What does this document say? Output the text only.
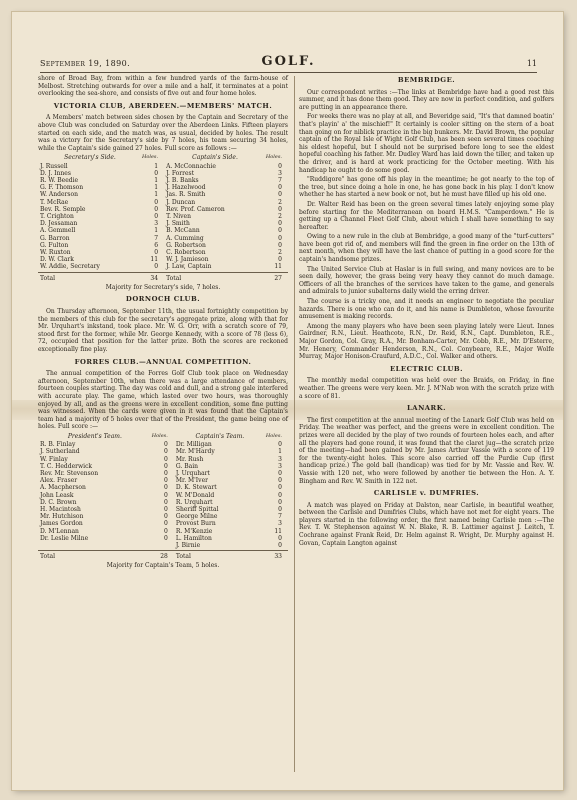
September 19, 1890.	GOLF.	11

shore of Broad Bay, from within a few hundred yards of the farm-house of Melbost. Stretching outwards for over a mile and a half, it terminates at a point overlooking the sea-shore, and consists of five out and four home holes.

VICTORIA CLUB, ABERDEEN.—MEMBERS' MATCH.

A Members' match between sides chosen by the Captain and Secretary of the above Club was concluded on Saturday over the Aberdeen Links. Fifteen players started on each side, and the match was, as usual, decided by holes. The result was a victory for the Secretary's side by 7 holes, his team securing 34 holes, while the Captain's side gained 27 holes. Full score as follows :—

Secretary's Side.	Holes.	Captain's Side.	Holes.
J. Russell	1	A. McConnachie	0
D. J. Innes	0	J. Forrest	3
R. W. Beedie	1	J. B. Banks	7
G. F. Thomson	1	J. Hazelwood	0
W. Anderson	1	Jas. R. Smith	0
T. McRae	0	J. Duncan	2
Bev. R. Semple	0	Rev. Prof. Cameron	0
T. Crighton	0	T. Niven	2
D. Jessaman	3	J. Smith	0
A. Gemmell	1	B. McCann	0
G. Barron	7	A. Cumming	0
G. Fulton	6	G. Robertson	0
W. Ruxton	0	C. Robertson	2
D. W. Clark	11	W. J. Jamieson	0
W. Addie, Secretary	0	J. Law, Captain	11

Total	34	Total	27

Majority for Secretary's side, 7 holes.

DORNOCH CLUB.

On Thursday afternoon, September 11th, the usual fortnightly competition by the members of this club for the secretary's aggregate prize, along with that for Mr. Urquhart's inkstand, took place. Mr. W. G. Orr, with a scratch score of 79, stood first for the former, while Mr. George Kennedy, with a score of 78 (less 6), 72, occupied that position for the latter prize. Both the scores are reckoned exceptionally fine play.

FORRES CLUB.—ANNUAL COMPETITION.

The annual competition of the Forres Golf Club took place on Wednesday afternoon, September 10th, when there was a large attendance of members, fourteen couples starting. The day was cold and dull, and a strong gale interfered with accurate play. The game, which lasted over two hours, was thoroughly enjoyed by all, and as the greens were in excellent condition, some fine putting was witnessed. When the cards were given in it was found that the Captain's team had a majority of 5 holes over that of the President, the game being one of holes. Full score :—

President's Team.	Holes.	Captain's Team.	Holes.
R. B. Finlay	0	Dr. Milligan	0
J. Sutherland	0	Mr. M'Hardy	1
W. Finlay	0	Mr. Rush	3
T. C. Hedderwick	0	G. Bain	3
Rev. Mr. Stevenson	0	J. Urquhart	0
Alex. Fraser	0	Mr. M'Iver	0
A. Macpherson	0	D. K. Stewart	0
John Leask	0	W. M'Donald	0
D. C. Brown	0	R. Urquhart	0
H. Macintosh	0	Sheriff Spittal	0
Mr. Hutchison	0	George Milne	7
James Gordon	0	Provost Burn	3
D. M'Lennan	0	R. M'Kenzie	11
Dr. Leslie Milne	0	L. Hamilton	0
		J. Birnie	0

Total	28	Total	33

Majority for Captain's Team, 5 holes.

BEMBRIDGE.

Our correspondent writes :—The links at Bembridge have had a good rest this summer, and it has done them good. They are now in perfect condition, and golfers are putting in an appearance there.

For weeks there was no play at all, and Beveridge said, "It's that damned boatin' that's playin' a' the mischief!" It certainly is cooler sitting on the stern of a boat than going on for niblick practice in the big bunkers. Mr. David Brown, the popular captain of the Royal Isle of Wight Golf Club, has been seen several times coaching his eldest hopeful, but I should not be surprised before long to see the eldest hopeful coaching his father. Mr. Dudley Ward has laid down the tiller, and taken up the driver, and is hard at work practicing for the October meeting. With his handicap he ought to do some good.

"Ruddigore" has gone off his play in the meantime; he got nearly to the top of the tree, but since doing a hole in one, he has gone back in his play. I don't know whether he has started a new book or not, but he must have filled up his old one.

Dr. Walter Reid has been on the green several times lately enjoying some play before starting for the Mediterranean on board H.M.S. "Camperdown." He is getting up a Channel Fleet Golf Club, about which I shall have something to say hereafter.

Owing to a new rule in the club at Bembridge, a good many of the "turf-cutters" have been got rid of, and members will find the green in fine order on the 13th of next month, when they will have the last chance of putting in a good score for the captain's handsome prizes.

The United Service Club at Haslar is in full swing, and many novices are to be seen daily, however, the grass being very heavy they cannot do much damage. Officers of all the branches of the services have taken to the game, and generals and admirals to junior subalterns daily wield the erring driver.

The course is a tricky one, and it needs an engineer to negotiate the peculiar hazards. There is one who can do it, and his name is Dumbleton, whose favourite amusement is making records.

Among the many players who have been seen playing lately were Lieut. Innes Gairdner, R.N., Lieut. Heathcote, R.N., Dr. Reid, R.N., Capt. Dumbleton, R.E., Major Gordon, Col. Gray, R.A., Mr. Bonham-Carter, Mr. Cobb, R.E., Mr. D'Esterre, Mr. Henery, Commander Henderson, R.N., Col. Conybeare, R.E., Major Wolfe Murray, Major Honison-Craufurd, A.D.C., Col. Walker and others.

ELECTRIC CLUB.

The monthly medal competition was held over the Braids, on Friday, in fine weather. The greens were very keen. Mr. J. M'Nab won with the scratch prize with a score of 81.

LANARK.

The first competition at the annual meeting of the Lanark Golf Club was held on Friday. The weather was perfect, and the greens were in excellent condition. The prizes were all decided by the play of two rounds of fourteen holes each, and after all the players had gone round, it was found that the claret jug—the scratch prize of the meeting—had been gained by Mr. James Arthur Vassie with a score of 119 for the twenty-eight holes. This score also carried off the Purdie Cup (first handicap prize.) The gold ball (handicap) was tied for by Mr. Vassie and Rev. W. Vassie with 120 net, who were followed by another tie between the Hon. A. Y. Bingham and Rev. W. Smith in 122 net.

CARLISLE v. DUMFRIES.

A match was played on Friday at Dalston, near Carlisle, in beautiful weather, between the Carlisle and Dumfries Clubs, which have not met for eight years. The players started in the following order, the first named being Carlisle men :—The Rev. T. W. Stephenson against W. N. Blake, R. B. Lattimer against J. Leitch, T. Cochrane against Frank Reid, Dr. Helm against R. Wright, Dr. Murphy against H. Govan, Captain Langton against
